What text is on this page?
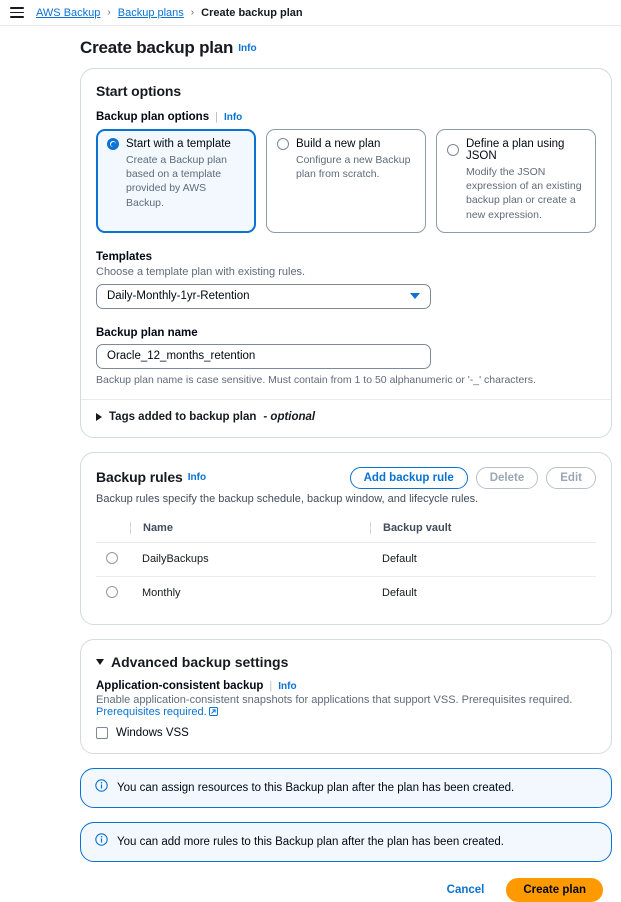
AWS Backup › Backup plans › Create backup plan
Create backup plan Info
Start options
Backup plan options | Info
Start with a template
Create a Backup plan based on a template provided by AWS Backup.
Build a new plan
Configure a new Backup plan from scratch.
Define a plan using JSON
Modify the JSON expression of an existing backup plan or create a new expression.
Templates
Choose a template plan with existing rules.
Daily-Monthly-1yr-Retention
Backup plan name
Oracle_12_months_retention
Backup plan name is case sensitive. Must contain from 1 to 50 alphanumeric or '-_' characters.
Tags added to backup plan - optional
Backup rules Info	Add backup rule	Delete	Edit
Backup rules specify the backup schedule, backup window, and lifecycle rules.
	Name	Backup vault
	DailyBackups	Default
	Monthly	Default
Advanced backup settings
Application-consistent backup | Info
Enable application-consistent snapshots for applications that support VSS. Prerequisites required. Prerequisites required.
Windows VSS
You can assign resources to this Backup plan after the plan has been created.
You can add more rules to this Backup plan after the plan has been created.
Cancel	Create plan
